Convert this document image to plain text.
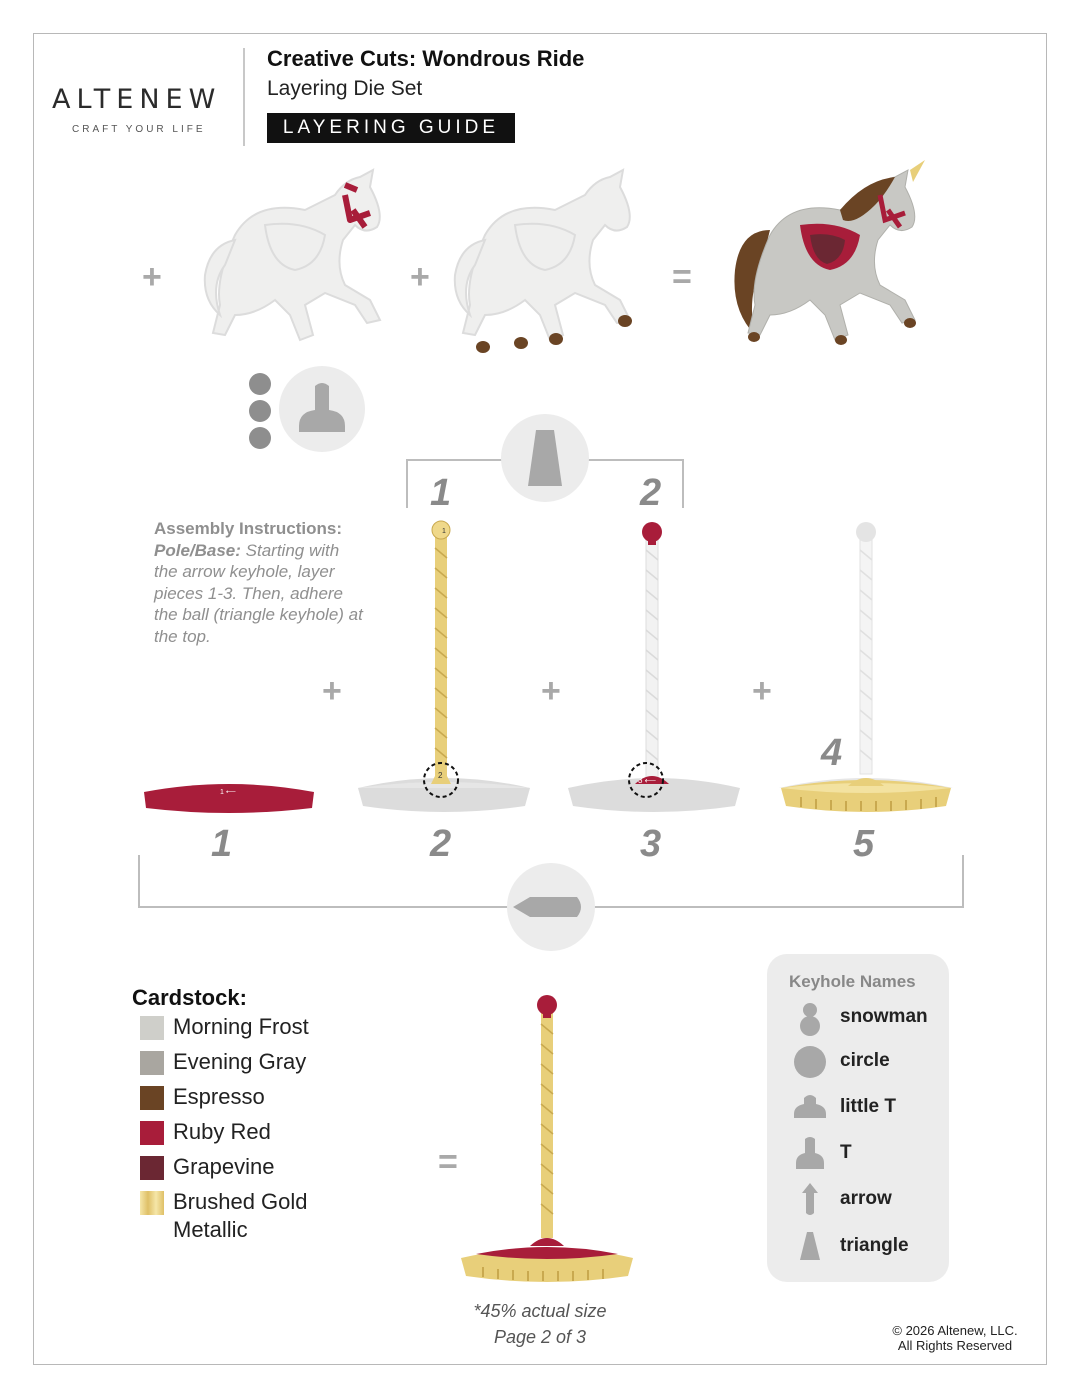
ALTENEW
CRAFT YOUR LIFE
Creative Cuts: Wondrous Ride
Layering Die Set
LAYERING GUIDE
+	+	=
1	2
Assembly Instructions:
Pole/Base: Starting with the arrow keyhole, layer pieces 1-3. Then, adhere the ball (triangle keyhole) at the top.
+	+	+
1 ⟵
1
2
3 ⟵
4
1	2	3	5
Cardstock:
Morning Frost
Evening Gray
Espresso
Ruby Red
Grapevine
Brushed Gold
Metallic
=
*45% actual size
Page 2 of 3
Keyhole Names
snowman
circle
little T
T
arrow
triangle
© 2026 Altenew, LLC.
All Rights Reserved
